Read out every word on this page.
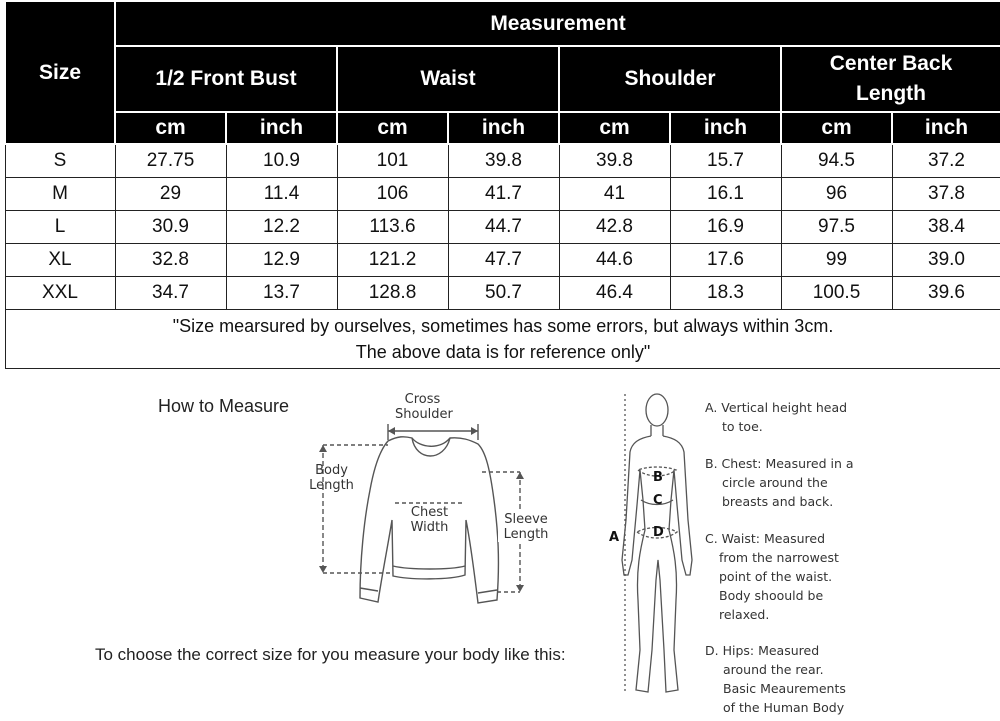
Size	Measurement							
	1/2 Front Bust		Waist		Shoulder		Center Back Length	
	cm	inch	cm	inch	cm	inch	cm	inch
S	27.75	10.9	101	39.8	39.8	15.7	94.5	37.2
M	29	11.4	106	41.7	41	16.1	96	37.8
L	30.9	12.2	113.6	44.7	42.8	16.9	97.5	38.4
XL	32.8	12.9	121.2	47.7	44.6	17.6	99	39.0
XXL	34.7	13.7	128.8	50.7	46.4	18.3	100.5	39.6

"Size mearsured by ourselves, sometimes has some errors, but always within 3cm.
The above data is for reference only"								
How to Measure
To choose the correct size for you measure your body like this:
Cross
Shoulder
Body
Length
Chest
Width
Sleeve
Length	A
B
C
D
A. Vertical height head
to toe.
B. Chest: Measured in a
circle around the
breasts and back.
C. Waist: Measured
from the narrowest
point of the waist.
Body shoould be
relaxed.
D. Hips: Measured
around the rear.
Basic Meaurements
of the Human Body
